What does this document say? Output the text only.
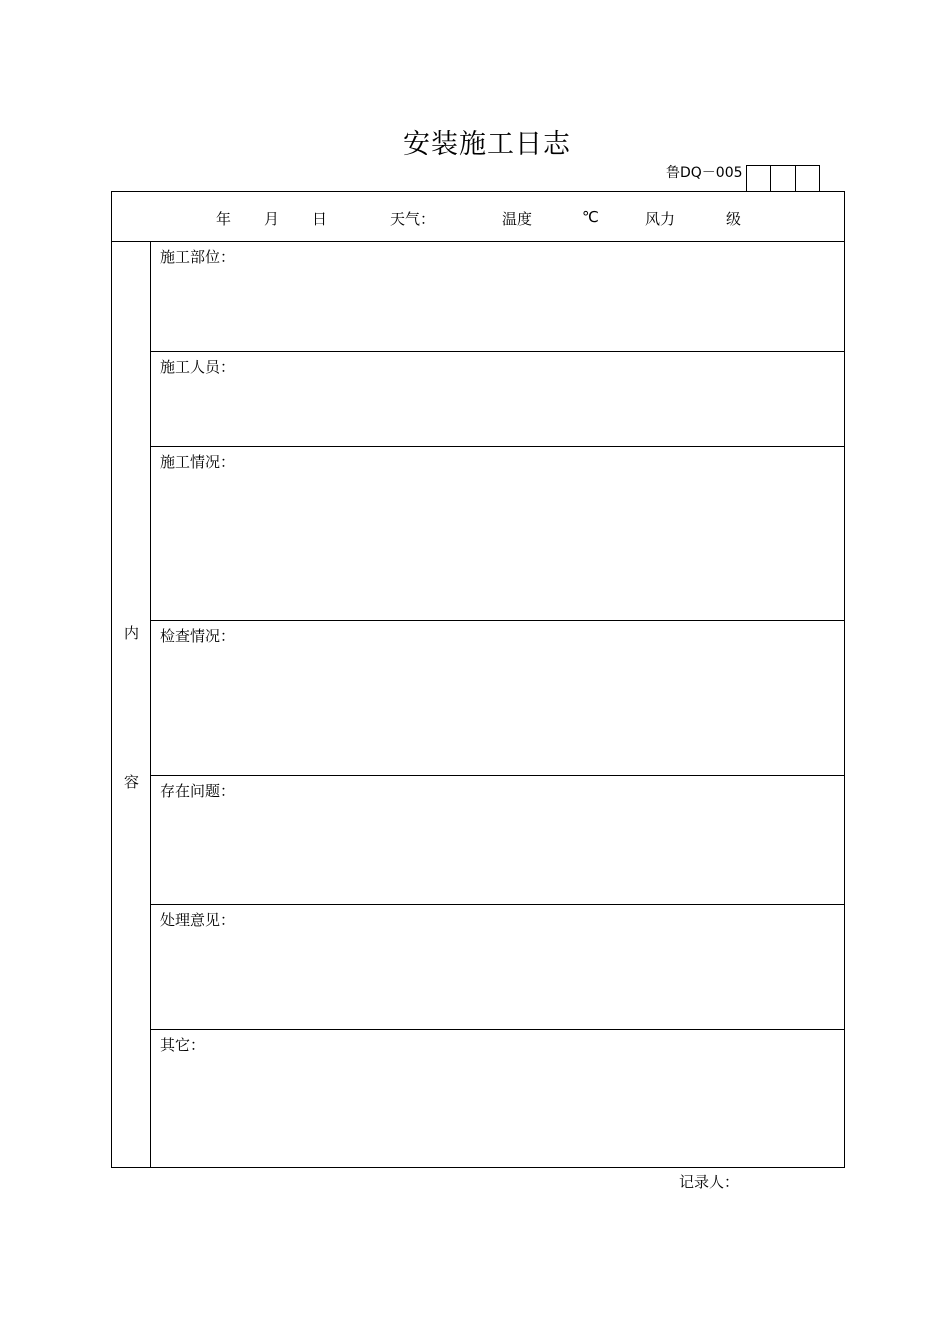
安装施工日志
鲁DQ－005
年 月 日	天气：	温度	℃	风力	级
内
容
施工部位：
施工人员：
施工情况：
检查情况：
存在问题：
处理意见：
其它：
记录人：
